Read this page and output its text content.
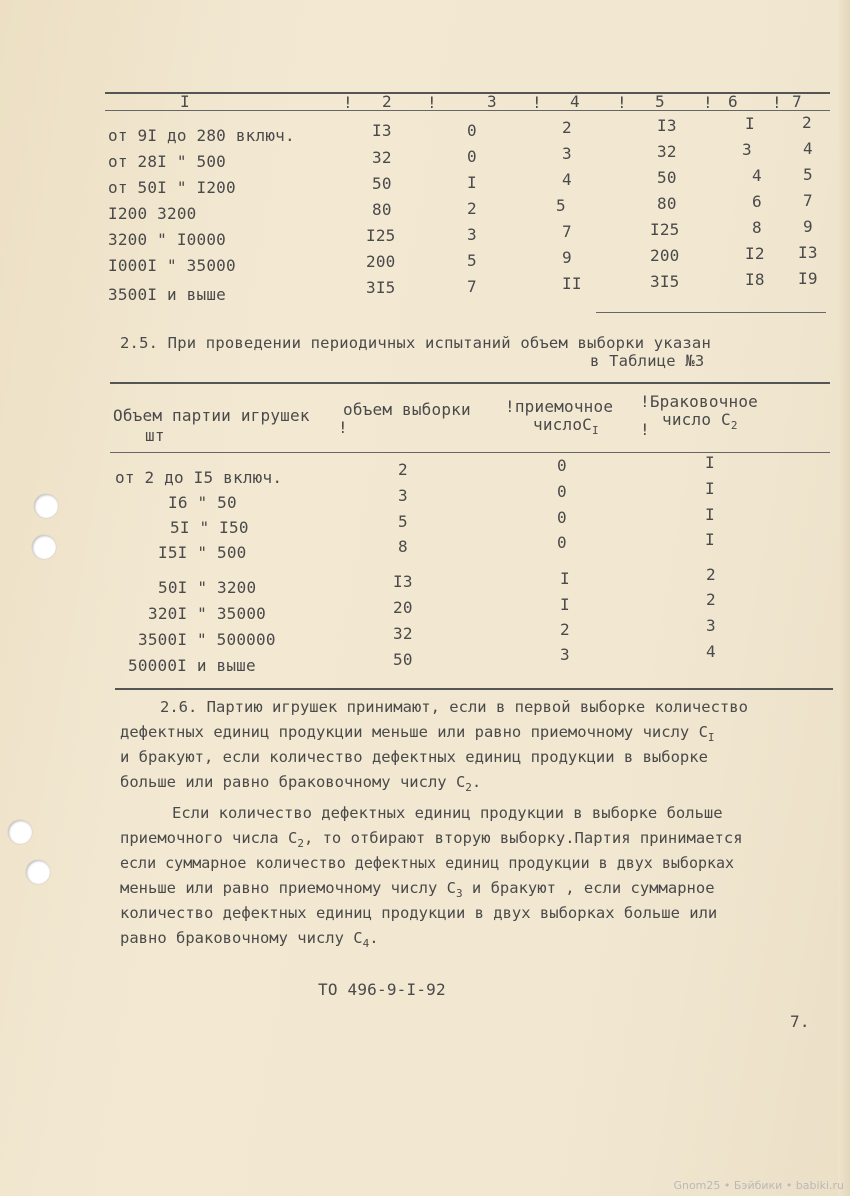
I	! 2 !	3 ! 4 ! 5 ! 6 ! 7
от 9I до 280 включ.	I3	0	2	I3	I	2
от 28I " 500	32	0	3	32	3	4
от 50I " I200	50	I	4	50	4	5
I200 3200	80	2	5	80	6	7
3200 " I0000	I25	3	7	I25	8	9
I000I " 35000	200	5	9	200	I2 I3
3500I и выше	3I5	7	II	3I5	I8 I9
2.5. При проведении периодичных испытаний объем выборки указан
в Таблице №3
Объем партии игрушек
шт	!
объем выборки !приемочное
числоC$_I$	!
!Браковочное
число $C_2$
от 2 до I5 включ.	2	0	I
I6 " 50	3	0	I
5I " I50	5	0	I
I5I " 500	8	0	I
50I " 3200	I3	I	2
320I " 35000	20	I	2
3500I " 500000	32	2	3
50000I и выше	50	3	4
2.6. Партию игрушек принимают, если в первой выборке количество
дефектных единиц продукции меньше или равно приемочному числу $C_I$
и бракуют, если количество дефектных единиц продукции в выборке
больше или равно браковочному числу $C_2$.
Если количество дефектных единиц продукции в выборке больше
приемочного числа $C_2$, то отбирают вторую выборку.Партия принимается
если суммарное количество дефектных единиц продукции в двух выборках
меньше или равно приемочному числу $C_3$ и бракуют , если суммарное
количество дефектных единиц продукции в двух выборках больше или
равно браковочному числу $C_4$.
ТО 496-9-I-92
7.
Gnom25 • Бэйбики • babiki.ru
